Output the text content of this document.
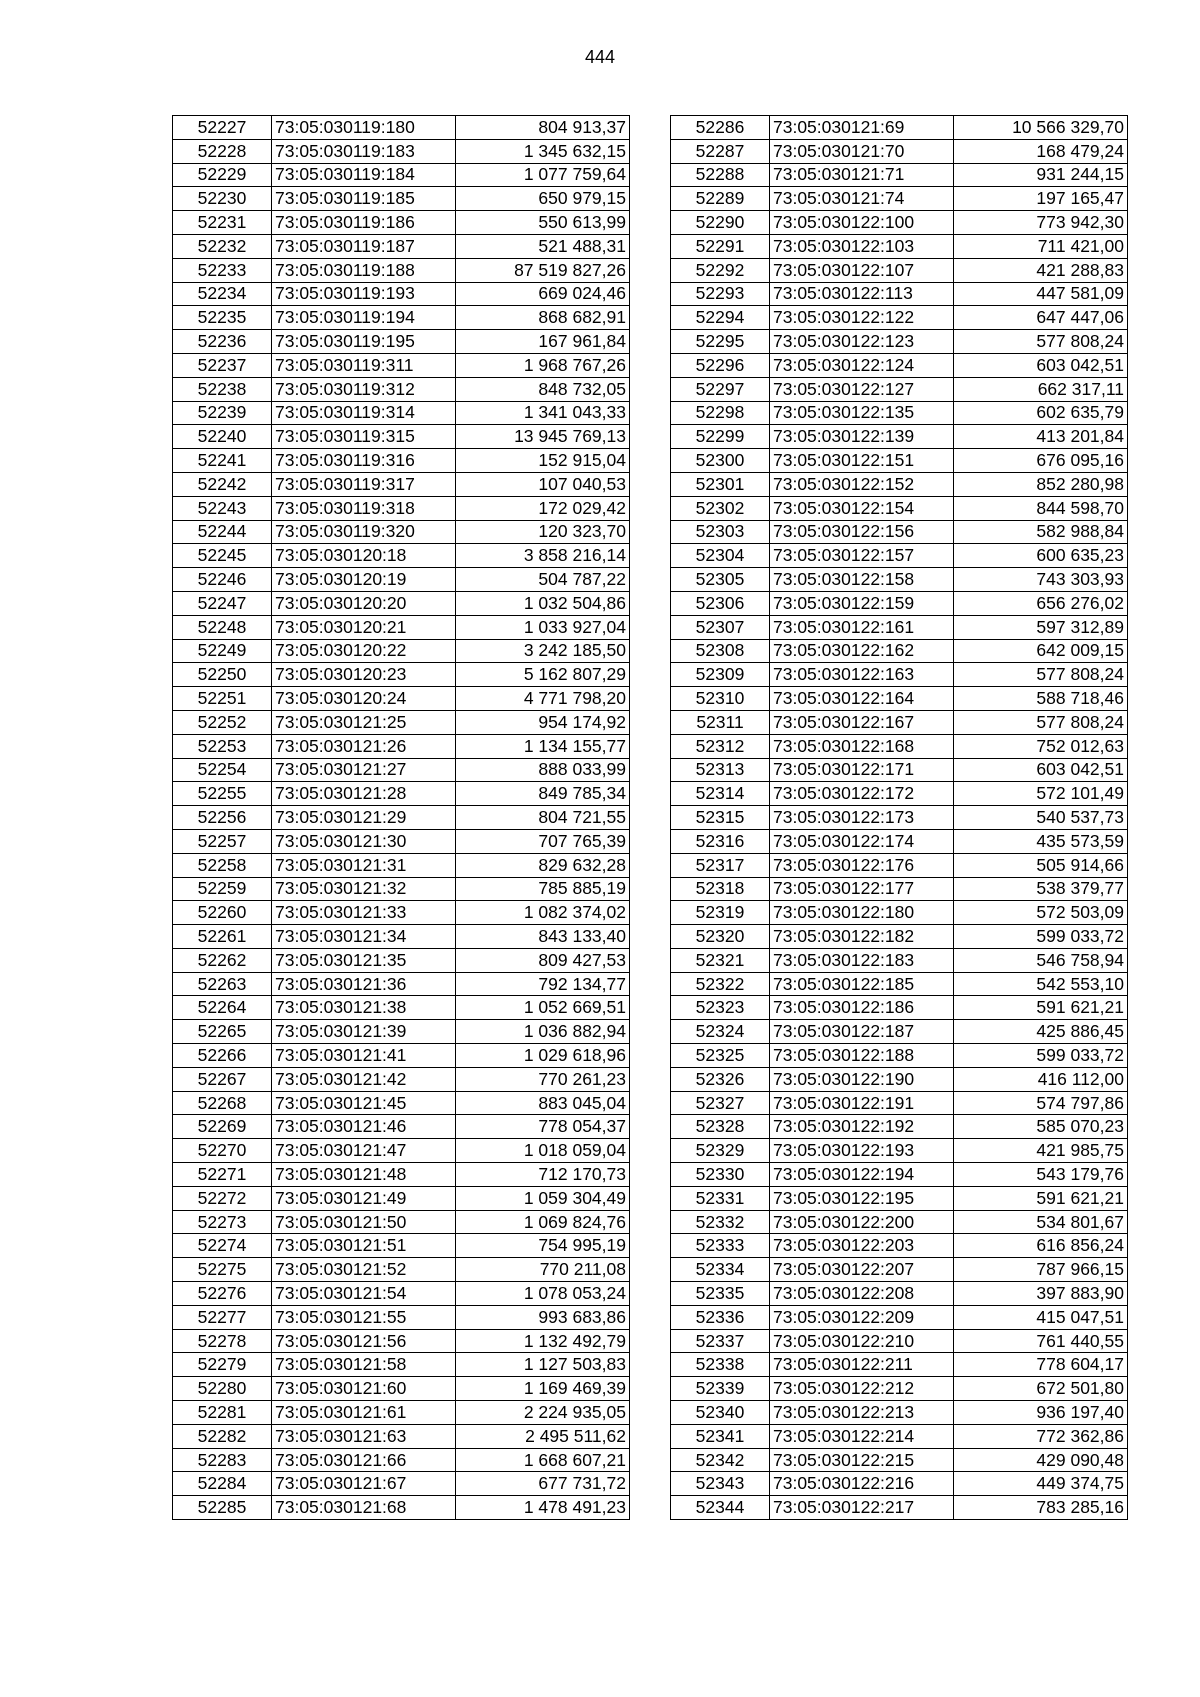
444
52227	73:05:030119:180	804 913,37
52228	73:05:030119:183	1 345 632,15
52229	73:05:030119:184	1 077 759,64
52230	73:05:030119:185	650 979,15
52231	73:05:030119:186	550 613,99
52232	73:05:030119:187	521 488,31
52233	73:05:030119:188	87 519 827,26
52234	73:05:030119:193	669 024,46
52235	73:05:030119:194	868 682,91
52236	73:05:030119:195	167 961,84
52237	73:05:030119:311	1 968 767,26
52238	73:05:030119:312	848 732,05
52239	73:05:030119:314	1 341 043,33
52240	73:05:030119:315	13 945 769,13
52241	73:05:030119:316	152 915,04
52242	73:05:030119:317	107 040,53
52243	73:05:030119:318	172 029,42
52244	73:05:030119:320	120 323,70
52245	73:05:030120:18	3 858 216,14
52246	73:05:030120:19	504 787,22
52247	73:05:030120:20	1 032 504,86
52248	73:05:030120:21	1 033 927,04
52249	73:05:030120:22	3 242 185,50
52250	73:05:030120:23	5 162 807,29
52251	73:05:030120:24	4 771 798,20
52252	73:05:030121:25	954 174,92
52253	73:05:030121:26	1 134 155,77
52254	73:05:030121:27	888 033,99
52255	73:05:030121:28	849 785,34
52256	73:05:030121:29	804 721,55
52257	73:05:030121:30	707 765,39
52258	73:05:030121:31	829 632,28
52259	73:05:030121:32	785 885,19
52260	73:05:030121:33	1 082 374,02
52261	73:05:030121:34	843 133,40
52262	73:05:030121:35	809 427,53
52263	73:05:030121:36	792 134,77
52264	73:05:030121:38	1 052 669,51
52265	73:05:030121:39	1 036 882,94
52266	73:05:030121:41	1 029 618,96
52267	73:05:030121:42	770 261,23
52268	73:05:030121:45	883 045,04
52269	73:05:030121:46	778 054,37
52270	73:05:030121:47	1 018 059,04
52271	73:05:030121:48	712 170,73
52272	73:05:030121:49	1 059 304,49
52273	73:05:030121:50	1 069 824,76
52274	73:05:030121:51	754 995,19
52275	73:05:030121:52	770 211,08
52276	73:05:030121:54	1 078 053,24
52277	73:05:030121:55	993 683,86
52278	73:05:030121:56	1 132 492,79
52279	73:05:030121:58	1 127 503,83
52280	73:05:030121:60	1 169 469,39
52281	73:05:030121:61	2 224 935,05
52282	73:05:030121:63	2 495 511,62
52283	73:05:030121:66	1 668 607,21
52284	73:05:030121:67	677 731,72
52285	73:05:030121:68	1 478 491,23
52286	73:05:030121:69	10 566 329,70
52287	73:05:030121:70	168 479,24
52288	73:05:030121:71	931 244,15
52289	73:05:030121:74	197 165,47
52290	73:05:030122:100	773 942,30
52291	73:05:030122:103	711 421,00
52292	73:05:030122:107	421 288,83
52293	73:05:030122:113	447 581,09
52294	73:05:030122:122	647 447,06
52295	73:05:030122:123	577 808,24
52296	73:05:030122:124	603 042,51
52297	73:05:030122:127	662 317,11
52298	73:05:030122:135	602 635,79
52299	73:05:030122:139	413 201,84
52300	73:05:030122:151	676 095,16
52301	73:05:030122:152	852 280,98
52302	73:05:030122:154	844 598,70
52303	73:05:030122:156	582 988,84
52304	73:05:030122:157	600 635,23
52305	73:05:030122:158	743 303,93
52306	73:05:030122:159	656 276,02
52307	73:05:030122:161	597 312,89
52308	73:05:030122:162	642 009,15
52309	73:05:030122:163	577 808,24
52310	73:05:030122:164	588 718,46
52311	73:05:030122:167	577 808,24
52312	73:05:030122:168	752 012,63
52313	73:05:030122:171	603 042,51
52314	73:05:030122:172	572 101,49
52315	73:05:030122:173	540 537,73
52316	73:05:030122:174	435 573,59
52317	73:05:030122:176	505 914,66
52318	73:05:030122:177	538 379,77
52319	73:05:030122:180	572 503,09
52320	73:05:030122:182	599 033,72
52321	73:05:030122:183	546 758,94
52322	73:05:030122:185	542 553,10
52323	73:05:030122:186	591 621,21
52324	73:05:030122:187	425 886,45
52325	73:05:030122:188	599 033,72
52326	73:05:030122:190	416 112,00
52327	73:05:030122:191	574 797,86
52328	73:05:030122:192	585 070,23
52329	73:05:030122:193	421 985,75
52330	73:05:030122:194	543 179,76
52331	73:05:030122:195	591 621,21
52332	73:05:030122:200	534 801,67
52333	73:05:030122:203	616 856,24
52334	73:05:030122:207	787 966,15
52335	73:05:030122:208	397 883,90
52336	73:05:030122:209	415 047,51
52337	73:05:030122:210	761 440,55
52338	73:05:030122:211	778 604,17
52339	73:05:030122:212	672 501,80
52340	73:05:030122:213	936 197,40
52341	73:05:030122:214	772 362,86
52342	73:05:030122:215	429 090,48
52343	73:05:030122:216	449 374,75
52344	73:05:030122:217	783 285,16
